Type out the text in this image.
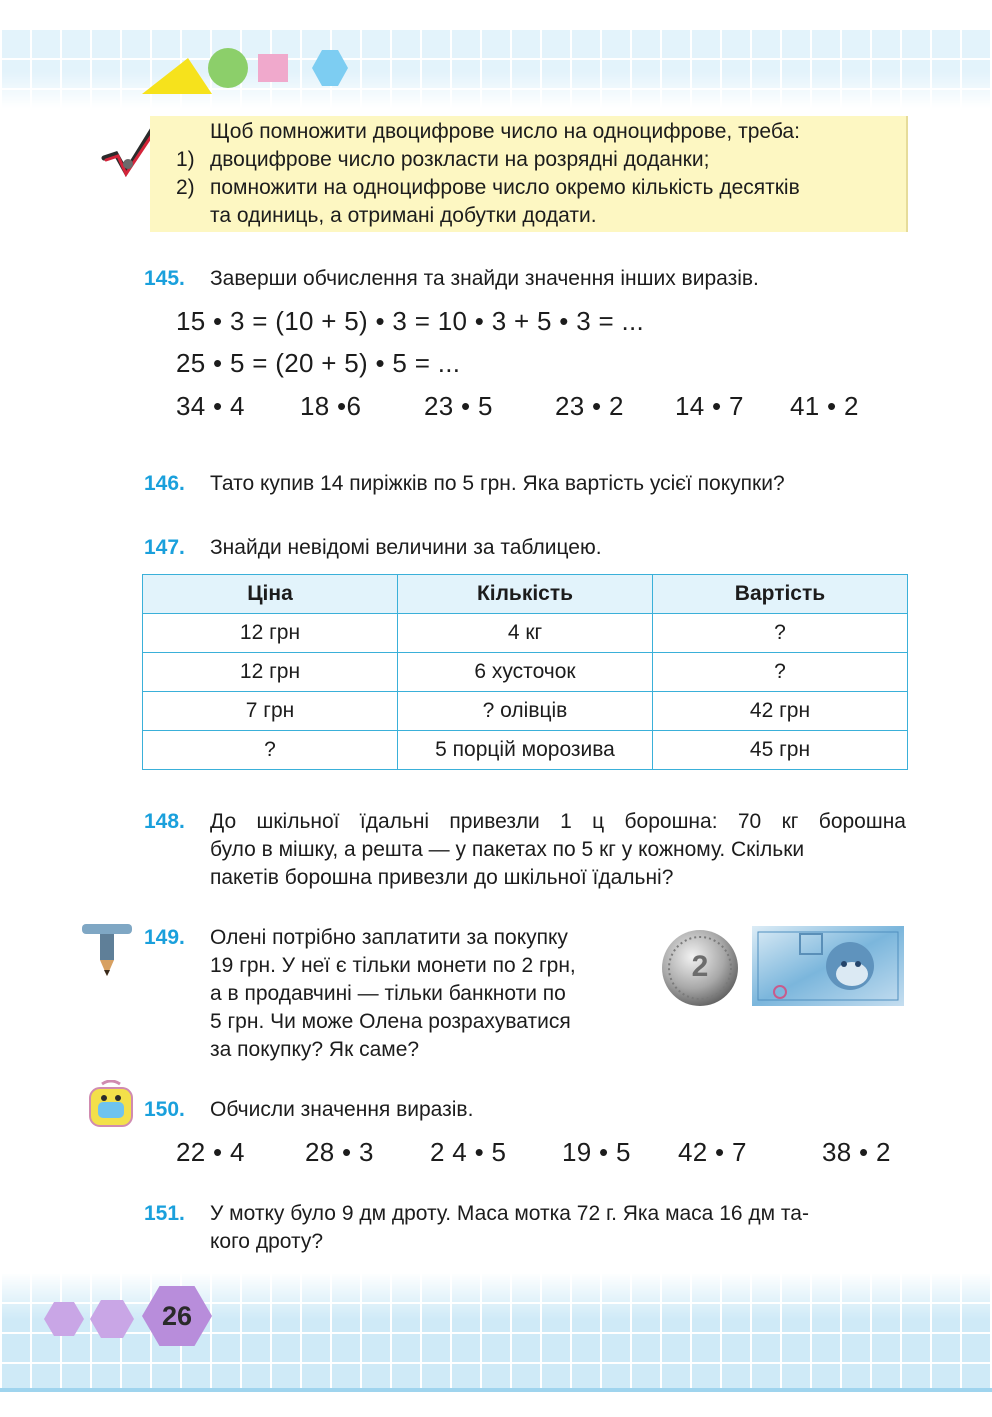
Щоб помножити двоцифрове число на одноцифрове, треба:
1) двоцифрове число розкласти на розрядні доданки;
2) помножити на одноцифрове число окремо кількість десятків
та одиниць, а отримані добутки додати.
145. Заверши обчислення та знайди значення інших виразів.
15 • 3 = (10 + 5) • 3 = 10 • 3 + 5 • 3 = ...
25 • 5 = (20 + 5) • 5 = ...
34 • 4 18 •6 23 • 5 23 • 2 14 • 7 41 • 2
146. Тато купив 14 пиріжків по 5 грн. Яка вартість усієї покупки?
147. Знайди невідомі величини за таблицею.
Ціна	Кількість	Вартість
12 грн	4 кг	?
12 грн	6 хусточок	?
7 грн	? олівців	42 грн
?	5 порцій морозива	45 грн
148. До шкільної їдальні привезли 1 ц борошна: 70 кг борошна
було в мішку, а решта — у пакетах по 5 кг у кожному. Скільки
пакетів борошна привезли до шкільної їдальні?
149. Олені потрібно заплатити за покупку
19 грн. У неї є тільки монети по 2 грн,
а в продавчині — тільки банкноти по
5 грн. Чи може Олена розрахуватися
за покупку? Як саме?
2
150. Обчисли значення виразів.
22 • 4 28 • 3 2 4 • 5 19 • 5 42 • 7	38 • 2
151. У мотку було 9 дм дроту. Маса мотка 72 г. Яка маса 16 дм та-
кого дроту?
26
